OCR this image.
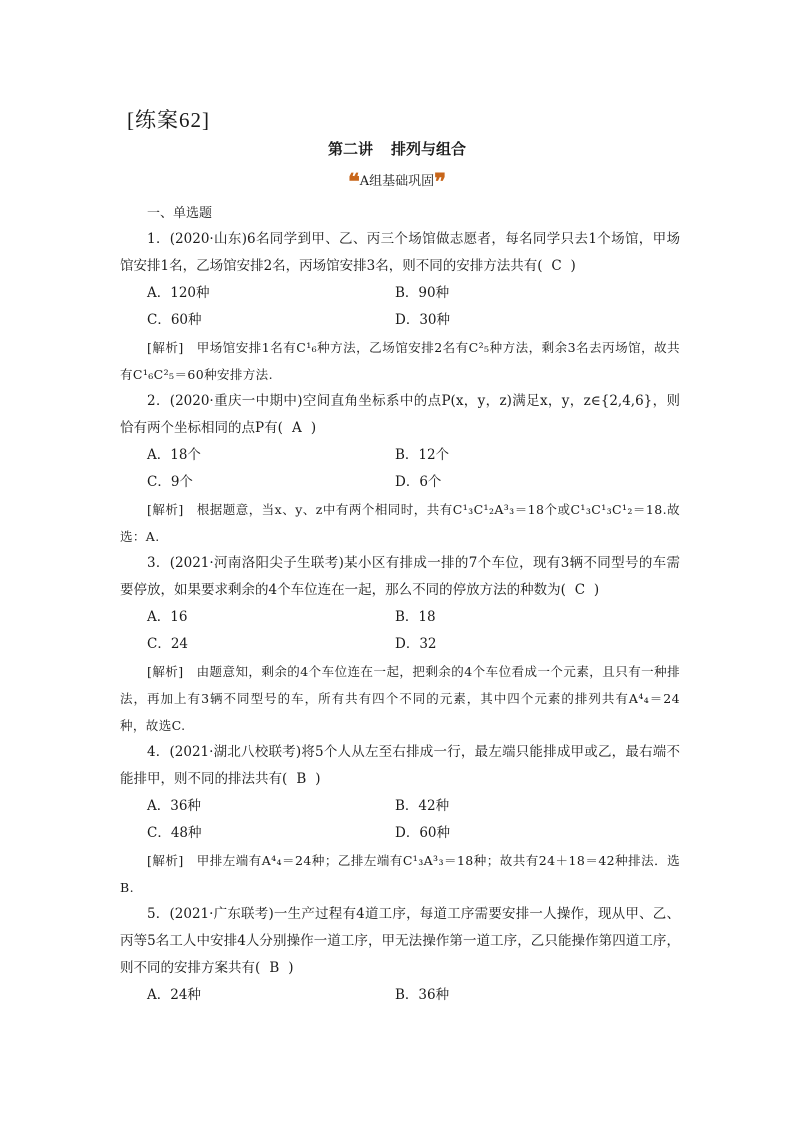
[练案62]
第二讲 排列与组合
❝A组基础巩固❞
一、单选题

1．(2020·山东)6名同学到甲、乙、丙三个场馆做志愿者，每名同学只去1个场馆，甲场馆安排1名，乙场馆安排2名，丙场馆安排3名，则不同的安排方法共有( C )

A．120种	B．90种
C．60种	D．30种

[解析]　甲场馆安排1名有C¹₆种方法，乙场馆安排2名有C²₅种方法，剩余3名去丙场馆，故共有C¹₆C²₅＝60种安排方法.

2．(2020·重庆一中期中)空间直角坐标系中的点P(x，y，z)满足x，y，z∈{2,4,6}，则恰有两个坐标相同的点P有( A )

A．18个	B．12个
C．9个	D．6个

[解析]　根据题意，当x、y、z中有两个相同时，共有C¹₃C¹₂A³₃＝18个或C¹₃C¹₃C¹₂＝18.故选：A.

3．(2021·河南洛阳尖子生联考)某小区有排成一排的7个车位，现有3辆不同型号的车需要停放，如果要求剩余的4个车位连在一起，那么不同的停放方法的种数为( C )

A．16	B．18
C．24	D．32

[解析]　由题意知，剩余的4个车位连在一起，把剩余的4个车位看成一个元素，且只有一种排法，再加上有3辆不同型号的车，所有共有四个不同的元素，其中四个元素的排列共有A⁴₄＝24种，故选C.

4．(2021·湖北八校联考)将5个人从左至右排成一行，最左端只能排成甲或乙，最右端不能排甲，则不同的排法共有( B )

A．36种	B．42种
C．48种	D．60种

[解析]　甲排左端有A⁴₄＝24种；乙排左端有C¹₃A³₃＝18种；故共有24＋18＝42种排法．选B.

5．(2021·广东联考)一生产过程有4道工序，每道工序需要安排一人操作，现从甲、乙、丙等5名工人中安排4人分别操作一道工序，甲无法操作第一道工序，乙只能操作第四道工序，则不同的安排方案共有( B )

A．24种	B．36种
